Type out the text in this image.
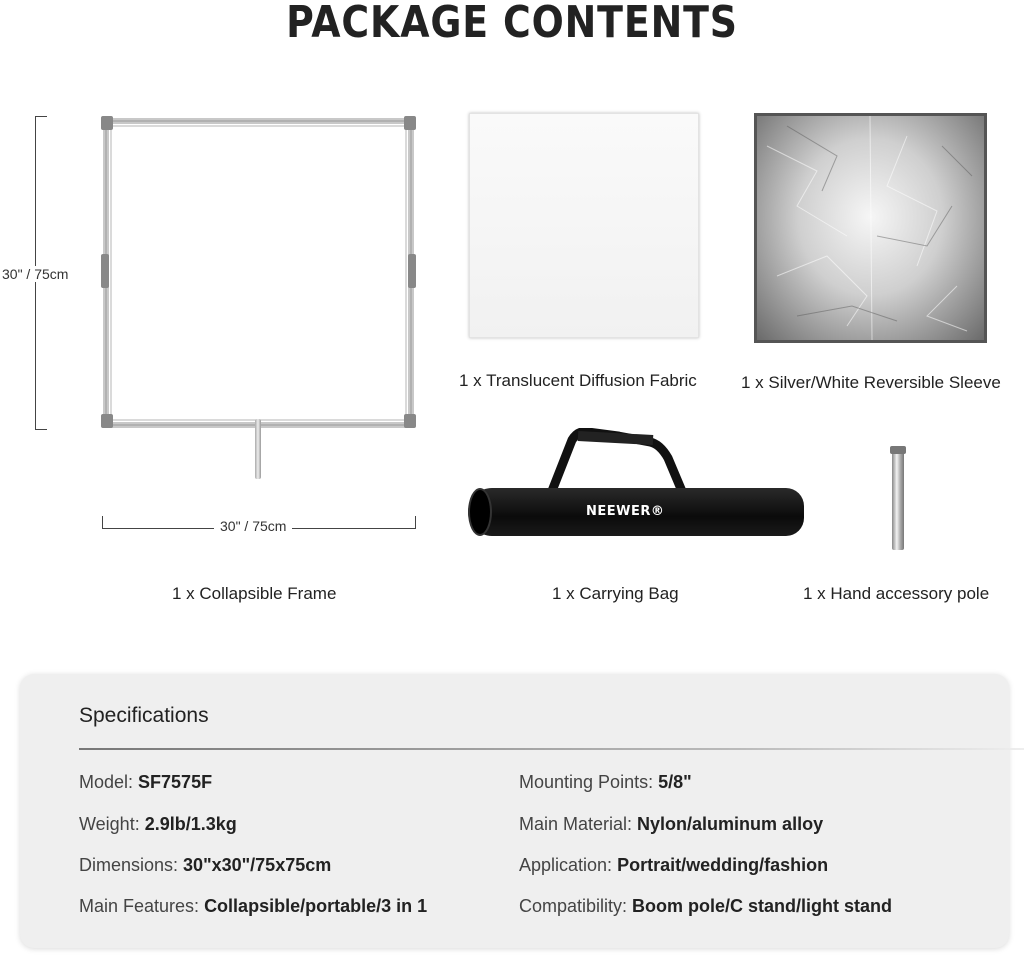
PACKAGE CONTENTS
30" / 75cm
30" / 75cm
1 x Translucent Diffusion Fabric	1 x Silver/White Reversible Sleeve
NEEWER®
1 x Collapsible Frame	1 x Carrying Bag	1 x Hand accessory pole
Specifications
Model: SF7575F
Weight: 2.9lb/1.3kg
Dimensions: 30"x30"/75x75cm
Main Features: Collapsible/portable/3 in 1
Mounting Points: 5/8"
Main Material: Nylon/aluminum alloy
Application: Portrait/wedding/fashion
Compatibility: Boom pole/C stand/light stand
